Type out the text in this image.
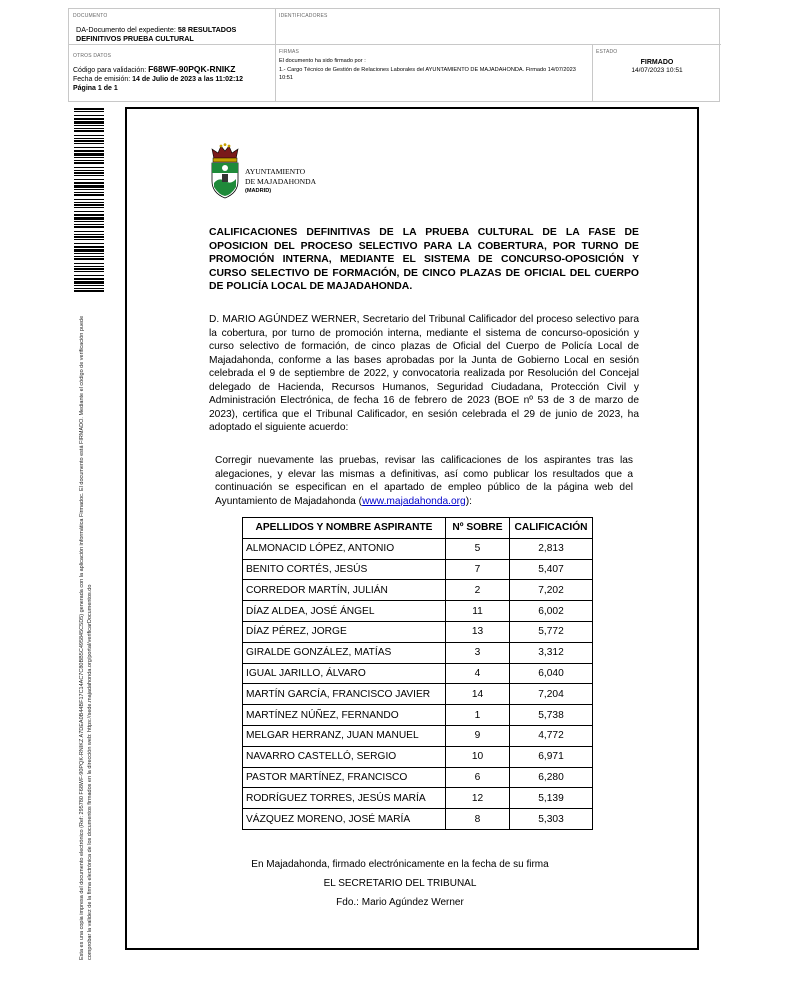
DOCUMENTO
DA-Documento del expediente: 58 RESULTADOS DEFINITIVOS PRUEBA CULTURAL
IDENTIFICADORES
OTROS DATOS
Código para validación: F68WF-90PQK-RNIKZ
Fecha de emisión: 14 de Julio de 2023 a las 11:02:12
Página 1 de 1
FIRMAS
El documento ha sido firmado por :
1.- Cargo Técnico de Gestión de Relaciones Laborales del AYUNTAMIENTO DE MAJADAHONDA. Firmado 14/07/2023 10:51
ESTADO
FIRMADO
14/07/2023 10:51
Esta es una copia impresa del documento electrónico (Ref: 295780 F68WF-90PQK-RNIKZ A7DEA0B44BF17C14AC7C80BB5C495845C5D5) generada con la aplicación informática Firmadoc. El documento está FIRMADO. Mediante el código de verificación puede comprobar la validez de la firma electrónica de los documentos firmados en la dirección web: https://sede.majadahonda.org/portal/verificarDocumentos.do
AYUNTAMIENTO
DE MAJADAHONDA
(MADRID)
CALIFICACIONES DEFINITIVAS DE LA PRUEBA CULTURAL DE LA FASE DE OPOSICION DEL PROCESO SELECTIVO PARA LA COBERTURA, POR TURNO DE PROMOCIÓN INTERNA, MEDIANTE EL SISTEMA DE CONCURSO-OPOSICIÓN Y CURSO SELECTIVO DE FORMACIÓN, DE CINCO PLAZAS DE OFICIAL DEL CUERPO DE POLICÍA LOCAL DE MAJADAHONDA.
D. MARIO AGÚNDEZ WERNER, Secretario del Tribunal Calificador del proceso selectivo para la cobertura, por turno de promoción interna, mediante el sistema de concurso-oposición y curso selectivo de formación, de cinco plazas de Oficial del Cuerpo de Policía Local de Majadahonda, conforme a las bases aprobadas por la Junta de Gobierno Local en sesión celebrada el 9 de septiembre de 2022, y convocatoria realizada por Resolución del Concejal delegado de Hacienda, Recursos Humanos, Seguridad Ciudadana, Protección Civil y Administración Electrónica, de fecha 16 de febrero de 2023 (BOE nº 53 de 3 de marzo de 2023), certifica que el Tribunal Calificador, en sesión celebrada el 29 de junio de 2023, ha adoptado el siguiente acuerdo:
Corregir nuevamente las pruebas, revisar las calificaciones de los aspirantes tras las alegaciones, y elevar las mismas a definitivas, así como publicar los resultados que a continuación se especifican en el apartado de empleo público de la página web del Ayuntamiento de Majadahonda (www.majadahonda.org):
APELLIDOS Y NOMBRE ASPIRANTE	Nº SOBRE	CALIFICACIÓN
ALMONACID LÓPEZ, ANTONIO	5	2,813
BENITO CORTÉS, JESÚS	7	5,407
CORREDOR MARTÍN, JULIÁN	2	7,202
DÍAZ ALDEA, JOSÉ ÁNGEL	11	6,002
DÍAZ PÉREZ, JORGE	13	5,772
GIRALDE GONZÁLEZ, MATÍAS	3	3,312
IGUAL JARILLO, ÁLVARO	4	6,040
MARTÍN GARCÍA, FRANCISCO JAVIER	14	7,204
MARTÍNEZ NÚÑEZ, FERNANDO	1	5,738
MELGAR HERRANZ, JUAN MANUEL	9	4,772
NAVARRO CASTELLÓ, SERGIO	10	6,971
PASTOR MARTÍNEZ, FRANCISCO	6	6,280
RODRÍGUEZ TORRES, JESÚS MARÍA	12	5,139
VÁZQUEZ MORENO, JOSÉ MARÍA	8	5,303
En Majadahonda, firmado electrónicamente en la fecha de su firma
EL SECRETARIO DEL TRIBUNAL
Fdo.: Mario Agúndez Werner
